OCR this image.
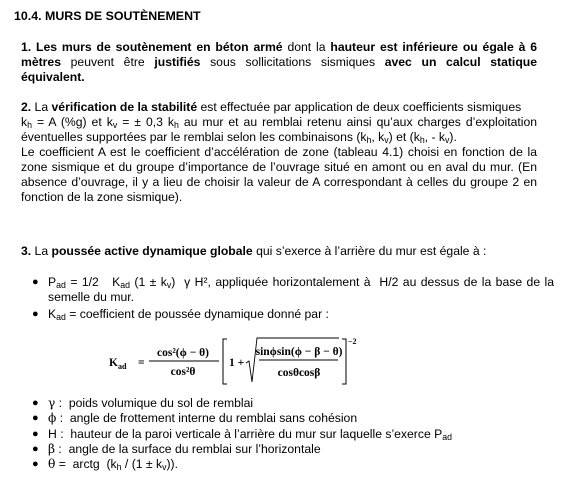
10.4. MURS DE SOUTÈNEMENT
1. Les murs de soutènement en béton armé dont la hauteur est inférieure ou égale à 6 mètres peuvent être justifiés sous sollicitations sismiques avec un calcul statique équivalent.
2. La vérification de la stabilité est effectuée par application de deux coefficients sismiques
$k_h = A$ (%g) et $k_v$ = ± 0,3 $k_h$ au mur et au remblai retenu ainsi qu’aux charges d’exploitation éventuelles supportées par le remblai selon les combinaisons ($k_h$, $k_v$) et ($k_h$, - $k_v$).
Le coefficient A est le coefficient d’accélération de zone (tableau 4.1) choisi en fonction de la zone sismique et du groupe d’importance de l’ouvrage situé en amont ou en aval du mur. (En absence d’ouvrage, il y a lieu de choisir la valeur de A correspondant à celles du groupe 2 en fonction de la zone sismique).
3. La poussée active dynamique globale qui s’exerce à l’arrière du mur est égale à :
● $P_{ad} = 1/2$   $K_{ad}$ $(1 \pm k_v)$  γ H², appliquée horizontalement à  H/2 au dessus de la base de la semelle du mur.
● $K_{ad}$ = coefficient de poussée dynamique donné par :
$K_{ad}$ =
cos²(ϕ − θ)
cos²θ
1 +
sinϕsin(ϕ − β − θ)
cosθcosβ
−2
● γ :  poids volumique du sol de remblai
● ϕ :  angle de frottement interne du remblai sans cohésion
● H :  hauteur de la paroi verticale à l’arrière du mur sur laquelle s’exerce $P_{ad}$
● β :  angle de la surface du remblai sur l’horizontale
● θ =  arctg  $(k_h / (1 \pm k_v))$.
